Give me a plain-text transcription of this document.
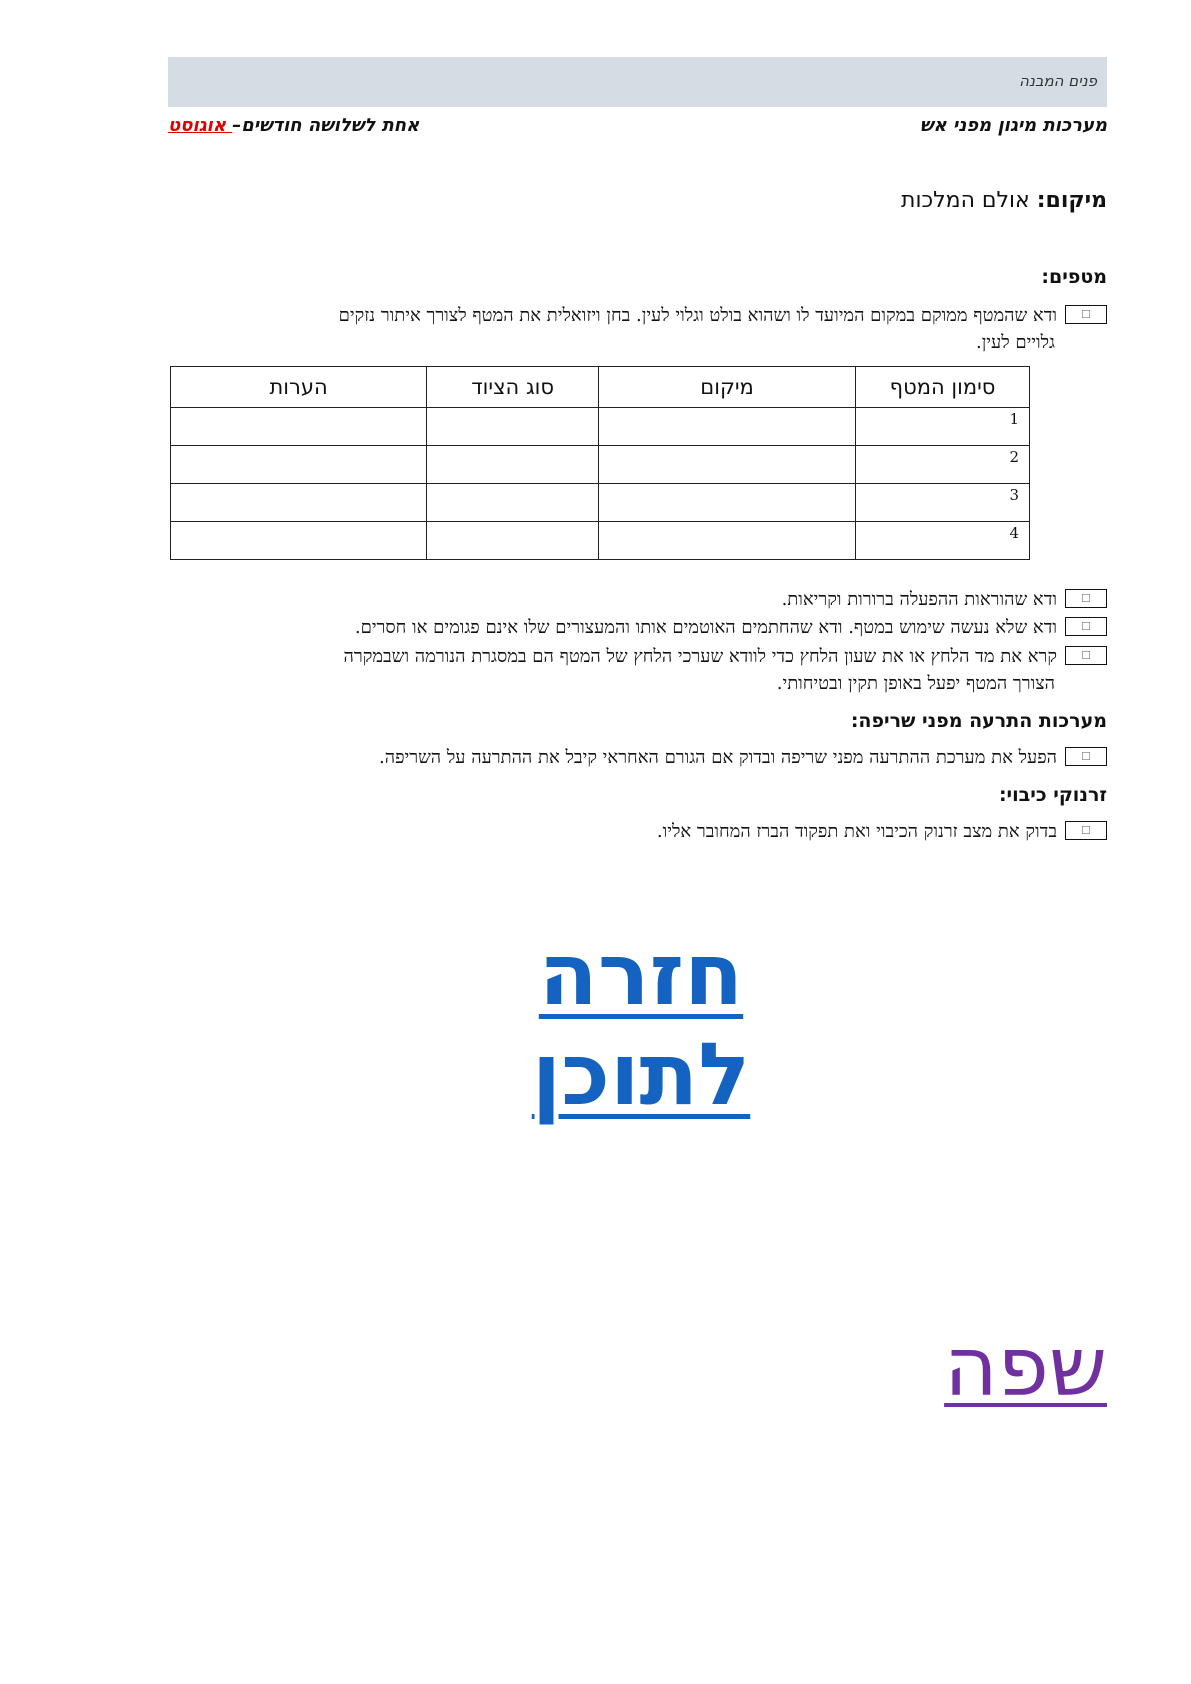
פנים המבנה
מערכות מיגון מפני אש
אחת לשלושה חודשים– אוגוסט
מיקום: אולם המלכות
מטפים:
☐ודא שהמטף ממוקם במקום המיועד לו ושהוא בולט וגלוי לעין. בחן ויזואלית את המטף לצורך איתור נזקים
גלויים לעין.
סימון המטף	מיקום	סוג הציוד	הערות
1			
2			
3			
4			
☐ודא שהוראות ההפעלה ברורות וקריאות.
☐ודא שלא נעשה שימוש במטף. ודא שהחתמים האוטמים אותו והמעצורים שלו אינם פגומים או חסרים.
☐קרא את מד הלחץ או את שעון הלחץ כדי לוודא שערכי הלחץ של המטף הם במסגרת הנורמה ושבמקרה
הצורך המטף יפעל באופן תקין ובטיחותי.
מערכות התרעה מפני שריפה:
☐הפעל את מערכת ההתרעה מפני שריפה ובדוק אם הגורם האחראי קיבל את ההתרעה על השריפה.
זרנוקי כיבוי:
☐בדוק את מצב זרנוק הכיבוי ואת תפקוד הברז המחובר אליו.
חזרה לתוכן
שפה
